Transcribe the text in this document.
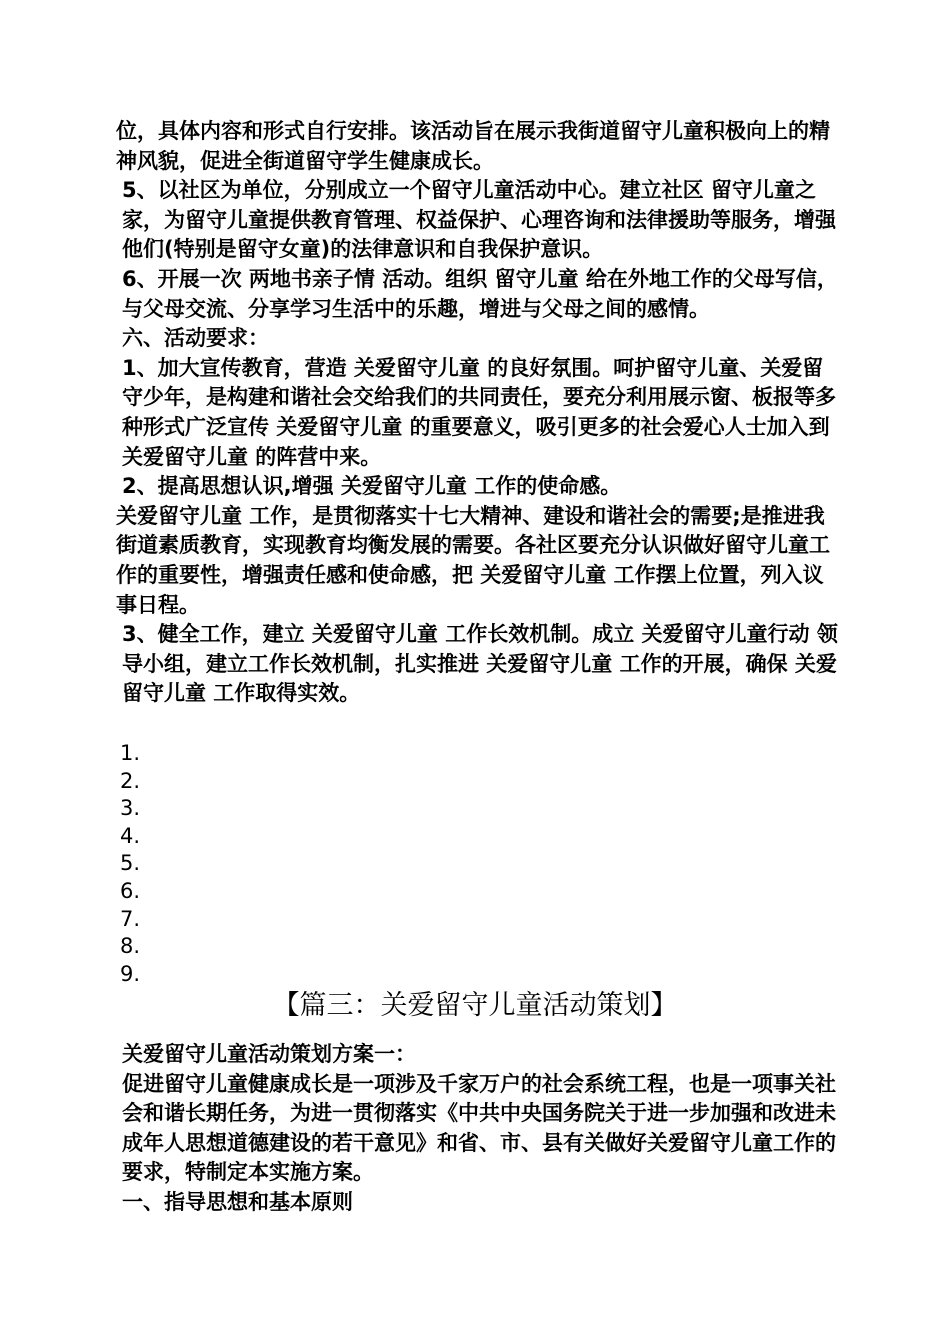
位，具体内容和形式自行安排。该活动旨在展示我街道留守儿童积极向上的精神风貌，促进全街道留守学生健康成长。

5、以社区为单位，分别成立一个留守儿童活动中心。建立社区 留守儿童之家，为留守儿童提供教育管理、权益保护、心理咨询和法律援助等服务，增强他们(特别是留守女童)的法律意识和自我保护意识。

6、开展一次 两地书亲子情 活动。组织 留守儿童 给在外地工作的父母写信，与父母交流、分享学习生活中的乐趣，增进与父母之间的感情。

六、活动要求：

1、加大宣传教育，营造 关爱留守儿童 的良好氛围。呵护留守儿童、关爱留守少年，是构建和谐社会交给我们的共同责任，要充分利用展示窗、板报等多种形式广泛宣传 关爱留守儿童 的重要意义，吸引更多的社会爱心人士加入到 关爱留守儿童 的阵营中来。

2、提高思想认识,增强 关爱留守儿童 工作的使命感。

关爱留守儿童 工作，是贯彻落实十七大精神、建设和谐社会的需要;是推进我街道素质教育，实现教育均衡发展的需要。各社区要充分认识做好留守儿童工作的重要性，增强责任感和使命感，把 关爱留守儿童 工作摆上位置，列入议事日程。

3、健全工作，建立 关爱留守儿童 工作长效机制。成立 关爱留守儿童行动 领导小组，建立工作长效机制，扎实推进 关爱留守儿童 工作的开展，确保 关爱留守儿童 工作取得实效。

1.
2.
3.
4.
5.
6.
7.
8.
9.
【篇三：关爱留守儿童活动策划】

关爱留守儿童活动策划方案一：

促进留守儿童健康成长是一项涉及千家万户的社会系统工程，也是一项事关社会和谐长期任务，为进一贯彻落实《中共中央国务院关于进一步加强和改进未成年人思想道德建设的若干意见》和省、市、县有关做好关爱留守儿童工作的要求，特制定本实施方案。

一、指导思想和基本原则
